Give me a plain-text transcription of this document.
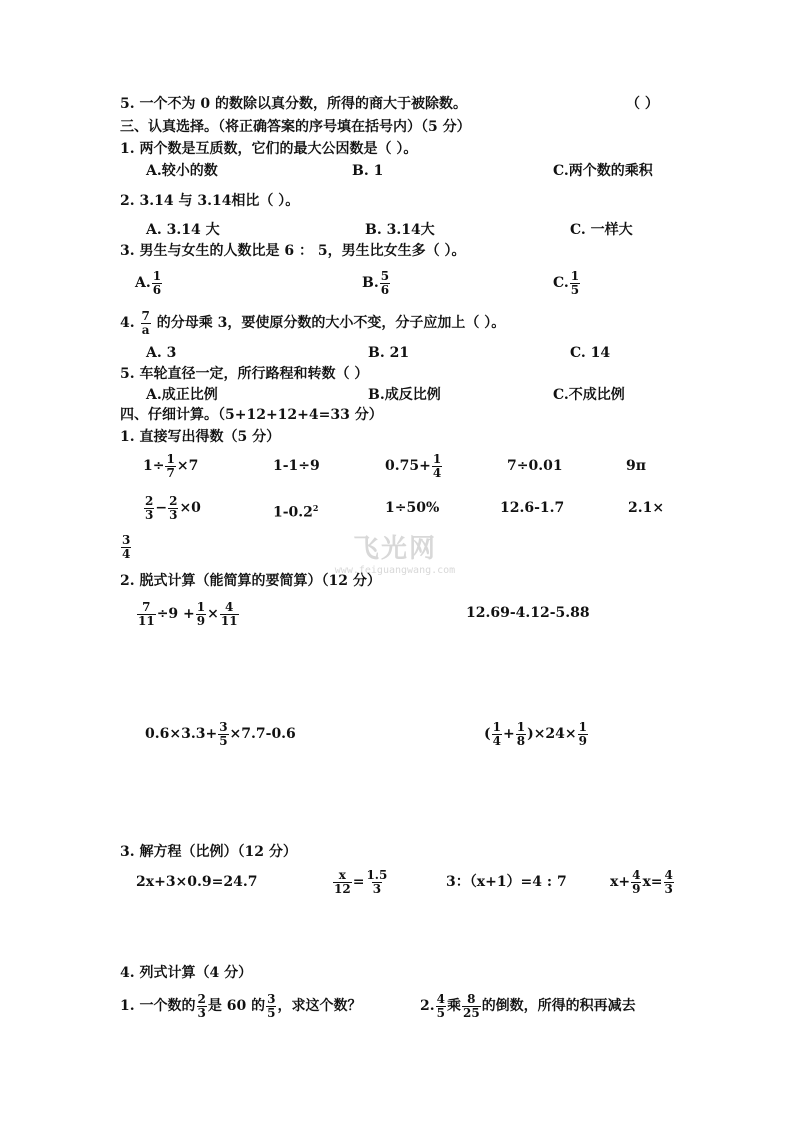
5. 一个不为 0 的数除以真分数，所得的商大于被除数。	（ ）
三、认真选择。（将正确答案的序号填在括号内）（5 分）
1. 两个数是互质数，它们的最大公因数是（ ）。
A.较小的数	B. 1	C.两个数的乘积
2. 3.14 与 3.14相比（ ）。
A. 3.14 大	B. 3.14大	C. 一样大
3. 男生与女生的人数比是 6 ： 5，男生比女生多（ ）。
A. $\frac{1}{6}$	B. $\frac{5}{6}$	C. $\frac{1}{5}$
4. $\frac{7}{a}$ 的分母乘 3，要使原分数的大小不变，分子应加上（ ）。
A. 3	B. 21	C. 14
5. 车轮直径一定，所行路程和转数（ ）
A.成正比例	B.成反比例	C.不成比例
四、仔细计算。（5+12+12+4=33 分）
1. 直接写出得数（5 分）
$1\div \frac{1}{7} \times 7$	1-1÷9	$0.75+ \frac{1}{4}$	7÷0.01	9π
$\frac{2}{3} - \frac{2}{3} \times 0$	$1-0.2^2$	1÷50%	12.6-1.7	2.1×
$\frac{3}{4}$	飞光网
www.feiguangwang.com
2. 脱式计算（能简算的要简算）（12 分）
$\frac{7}{11} \div 9 + \frac{1}{9} \times \frac{4}{11}$	12.69-4.12-5.88
$0.6\times 3.3+ \frac{3}{5} \times 7.7-0.6$	( $\frac{1}{4} + \frac{1}{8} )\times 24\times \frac{1}{9}$
3. 解方程（比例）（12 分）
2x+3×0.9=24.7	$\frac{x}{12} = \frac{1.5}{3}$	3：（x+1）=4 : 7	$x+ \frac{4}{9} x= \frac{4}{3}$
4. 列式计算（4 分）
1. 一个数的 $\frac{2}{3}$ 是 60 的 $\frac{3}{5}$ ，求这个数？	2. $\frac{4}{5}$ 乘 $\frac{8}{25}$ 的倒数，所得的积再减去
